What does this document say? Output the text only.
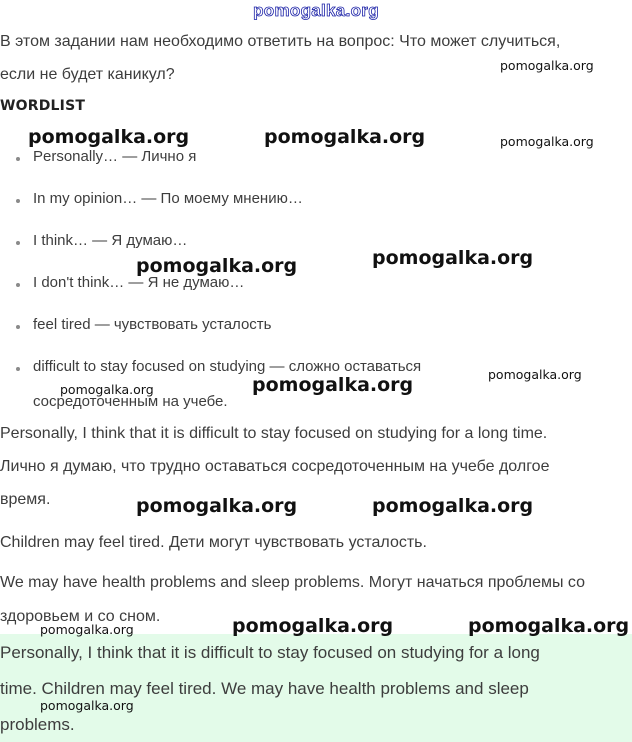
pomogalka.org
В этом задании нам необходимо ответить на вопрос: Что может случиться,
если не будет каникул?
WORDLIST
Personally… — Лично я
In my opinion… — По моему мнению…
I think… — Я думаю…
I don't think… — Я не думаю…
feel tired — чувствовать усталость
difficult to stay focused on studying — сложно оставаться
сосредоточенным на учебе.
Personally, I think that it is difficult to stay focused on studying for a long time.
Лично я думаю, что трудно оставаться сосредоточенным на учебе долгое
время.
Children may feel tired. Дети могут чувствовать усталость.
We may have health problems and sleep problems. Могут начаться проблемы со
здоровьем и со сном.
Personally, I think that it is difficult to stay focused on studying for a long
time. Children may feel tired. We may have health problems and sleep
problems.
pomogalka.org
pomogalka.org	pomogalka.org	pomogalka.org
pomogalka.org	pomogalka.org
pomogalka.org
pomogalka.org	pomogalka.org
pomogalka.org	pomogalka.org
pomogalka.org	pomogalka.org	pomogalka.org
pomogalka.org
